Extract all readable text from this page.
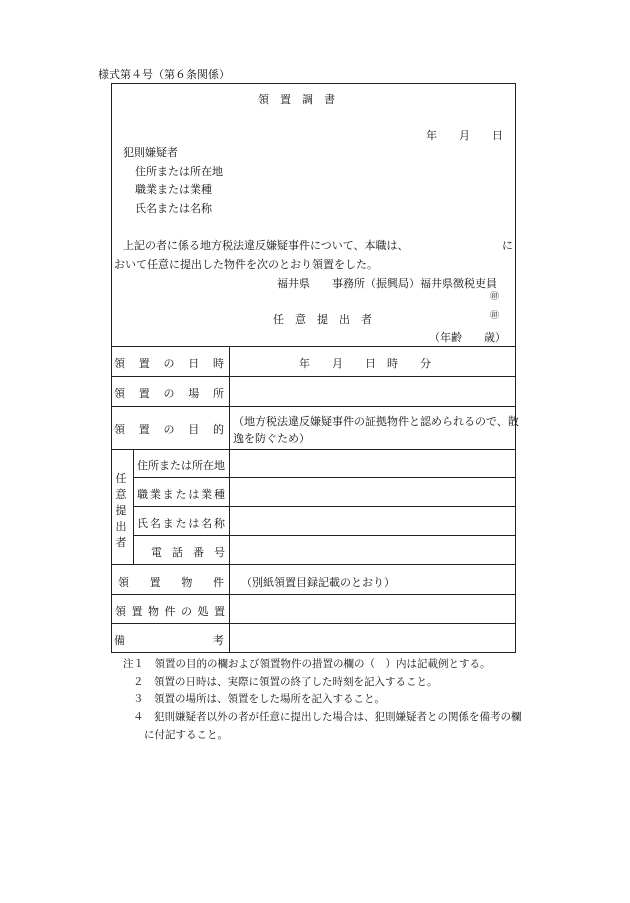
様式第４号（第６条関係）
領　置　調　書
年　　月　　日
犯則嫌疑者
住所または所在地
職業または業種
氏名または名称
上記の者に係る地方税法違反嫌疑事件について、本職は、	に
おいて任意に提出した物件を次のとおり領置をした。
福井県　　事務所（振興局）福井県徴税吏員
㊞
任　意　提　出　者	㊞
（年齢　　歳）
領 置 の 日 時	年　　月　　日　時　　分
領 置 の 場 所
領 置 の 目 的
（地方税法違反嫌疑事件の証拠物件と認められるので、散
逸を防ぐため）
任
意
提
出
者
住 所 ま た は 所 在 地
職 業 ま た は 業 種
氏 名 ま た は 名 称
電 話 番 号
領 置 物 件 （別紙領置目録記載のとおり）
領 置 物 件 の 処 置
備	考
注１　領置の目的の欄および領置物件の措置の欄の（　）内は記載例とする。
２　領置の日時は、実際に領置の終了した時刻を記入すること。
３　領置の場所は、領置をした場所を記入すること。
４　犯則嫌疑者以外の者が任意に提出した場合は、犯則嫌疑者との関係を備考の欄
に付記すること。
